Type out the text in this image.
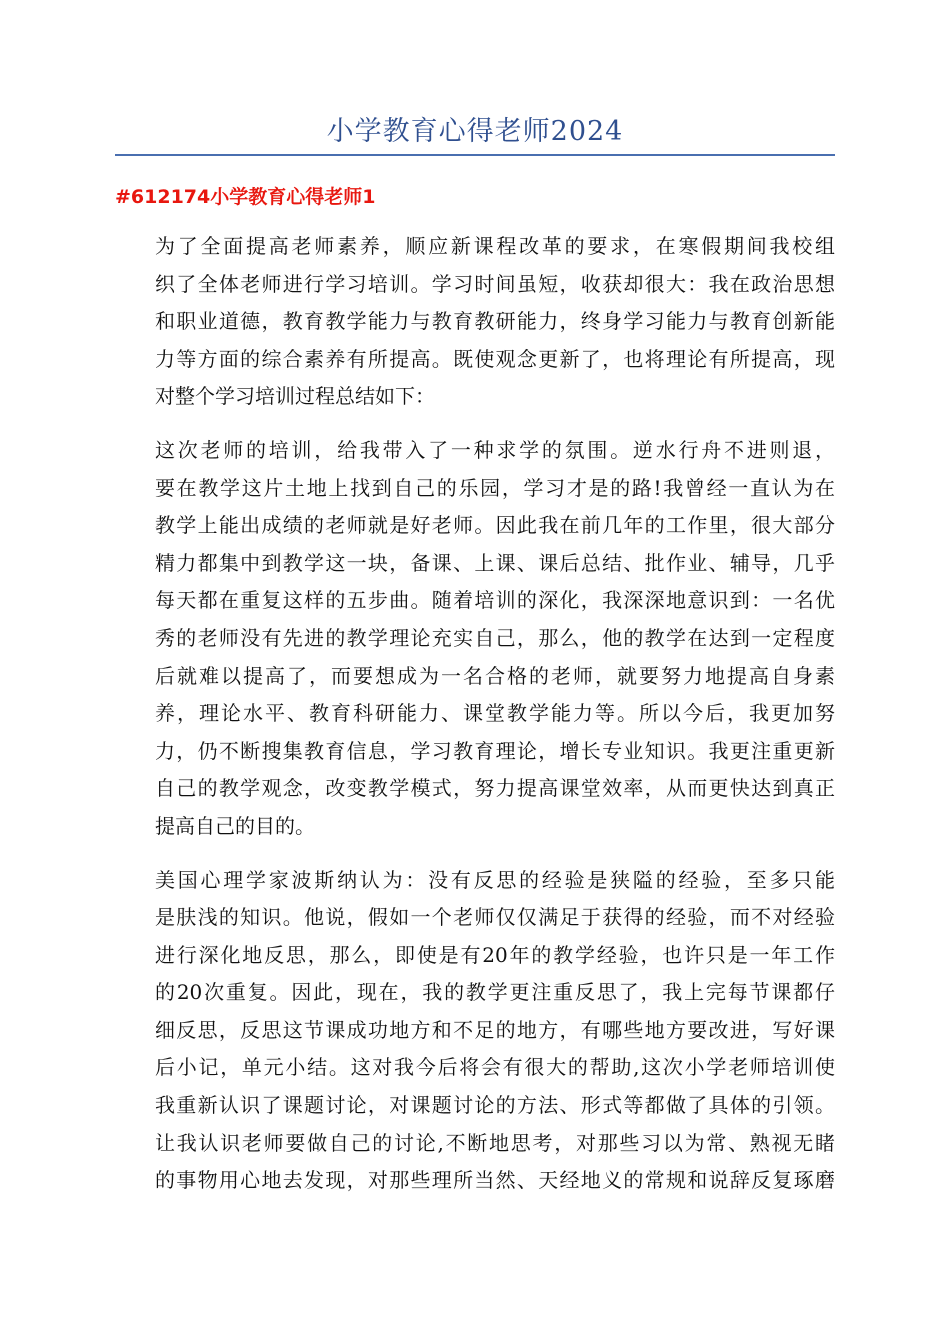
小学教育心得老师2024
#612174小学教育心得老师1
为了全面提高老师素养，顺应新课程改革的要求，在寒假期间我校组
织了全体老师进行学习培训。学习时间虽短，收获却很大：我在政治思想
和职业道德，教育教学能力与教育教研能力，终身学习能力与教育创新能
力等方面的综合素养有所提高。既使观念更新了，也将理论有所提高，现
对整个学习培训过程总结如下：
这次老师的培训，给我带入了一种求学的氛围。逆水行舟不进则退，
要在教学这片土地上找到自己的乐园，学习才是的路!我曾经一直认为在
教学上能出成绩的老师就是好老师。因此我在前几年的工作里，很大部分
精力都集中到教学这一块，备课、上课、课后总结、批作业、辅导，几乎
每天都在重复这样的五步曲。随着培训的深化，我深深地意识到：一名优
秀的老师没有先进的教学理论充实自己，那么，他的教学在达到一定程度
后就难以提高了，而要想成为一名合格的老师，就要努力地提高自身素
养，理论水平、教育科研能力、课堂教学能力等。所以今后，我更加努
力，仍不断搜集教育信息，学习教育理论，增长专业知识。我更注重更新
自己的教学观念，改变教学模式，努力提高课堂效率，从而更快达到真正
提高自己的目的。
美国心理学家波斯纳认为：没有反思的经验是狭隘的经验，至多只能
是肤浅的知识。他说，假如一个老师仅仅满足于获得的经验，而不对经验
进行深化地反思，那么，即使是有20年的教学经验，也许只是一年工作
的20次重复。因此，现在，我的教学更注重反思了，我上完每节课都仔
细反思，反思这节课成功地方和不足的地方，有哪些地方要改进，写好课
后小记，单元小结。这对我今后将会有很大的帮助,这次小学老师培训使
我重新认识了课题讨论，对课题讨论的方法、形式等都做了具体的引领。
让我认识老师要做自己的讨论,不断地思考，对那些习以为常、熟视无睹
的事物用心地去发现，对那些理所当然、天经地义的常规和说辞反复琢磨
